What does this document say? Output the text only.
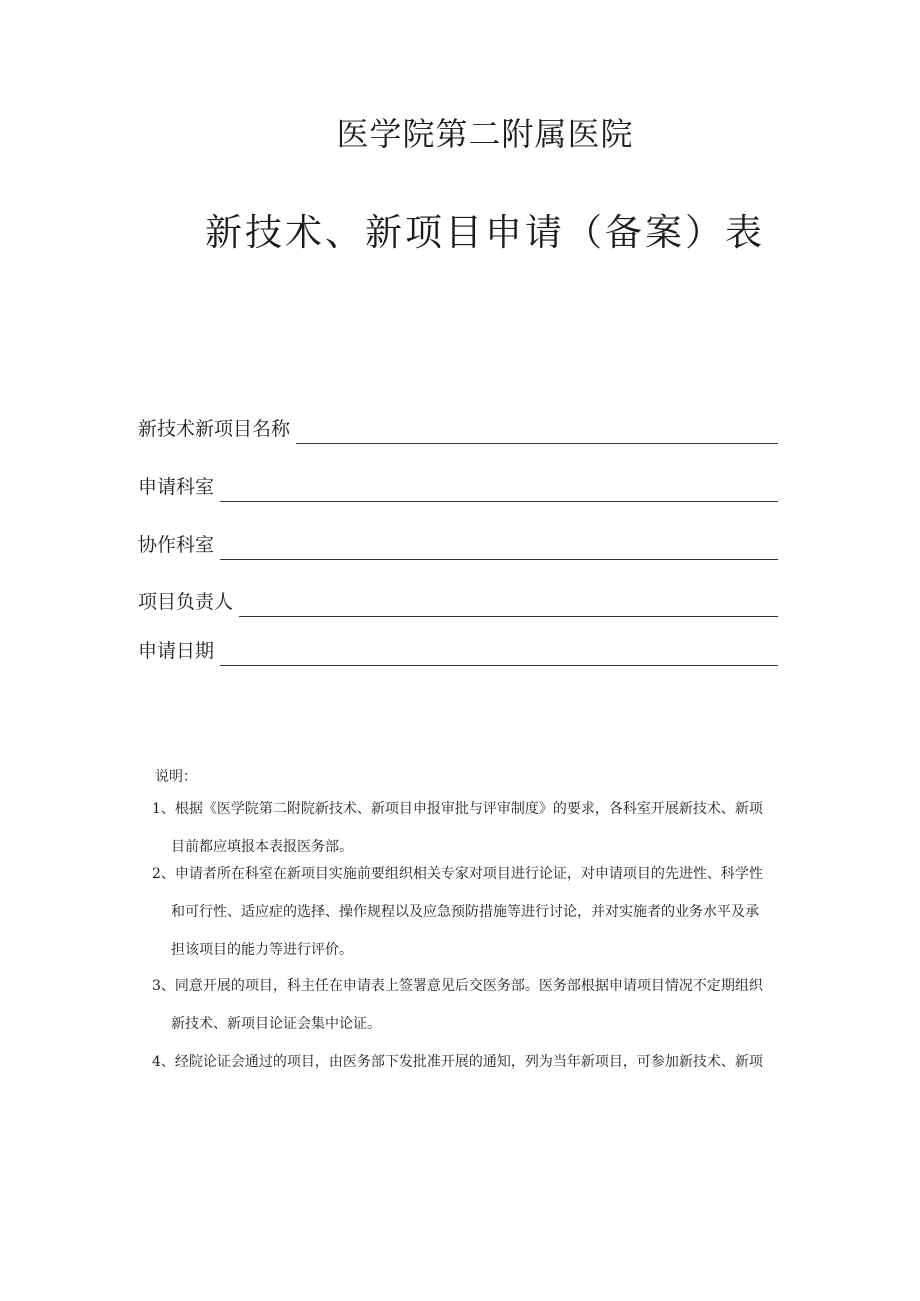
医学院第二附属医院
新技术、新项目申请（备案）表
新技术新项目名称
申请科室
协作科室
项目负责人
申请日期
说明：
1、根据《医学院第二附院新技术、新项目申报审批与评审制度》的要求，各科室开展新技术、新项
目前都应填报本表报医务部。
2、申请者所在科室在新项目实施前要组织相关专家对项目进行论证，对申请项目的先进性、科学性
和可行性、适应症的选择、操作规程以及应急预防措施等进行讨论，并对实施者的业务水平及承
担该项目的能力等进行评价。
3、同意开展的项目，科主任在申请表上签署意见后交医务部。医务部根据申请项目情况不定期组织
新技术、新项目论证会集中论证。
4、经院论证会通过的项目，由医务部下发批准开展的通知，列为当年新项目，可参加新技术、新项
